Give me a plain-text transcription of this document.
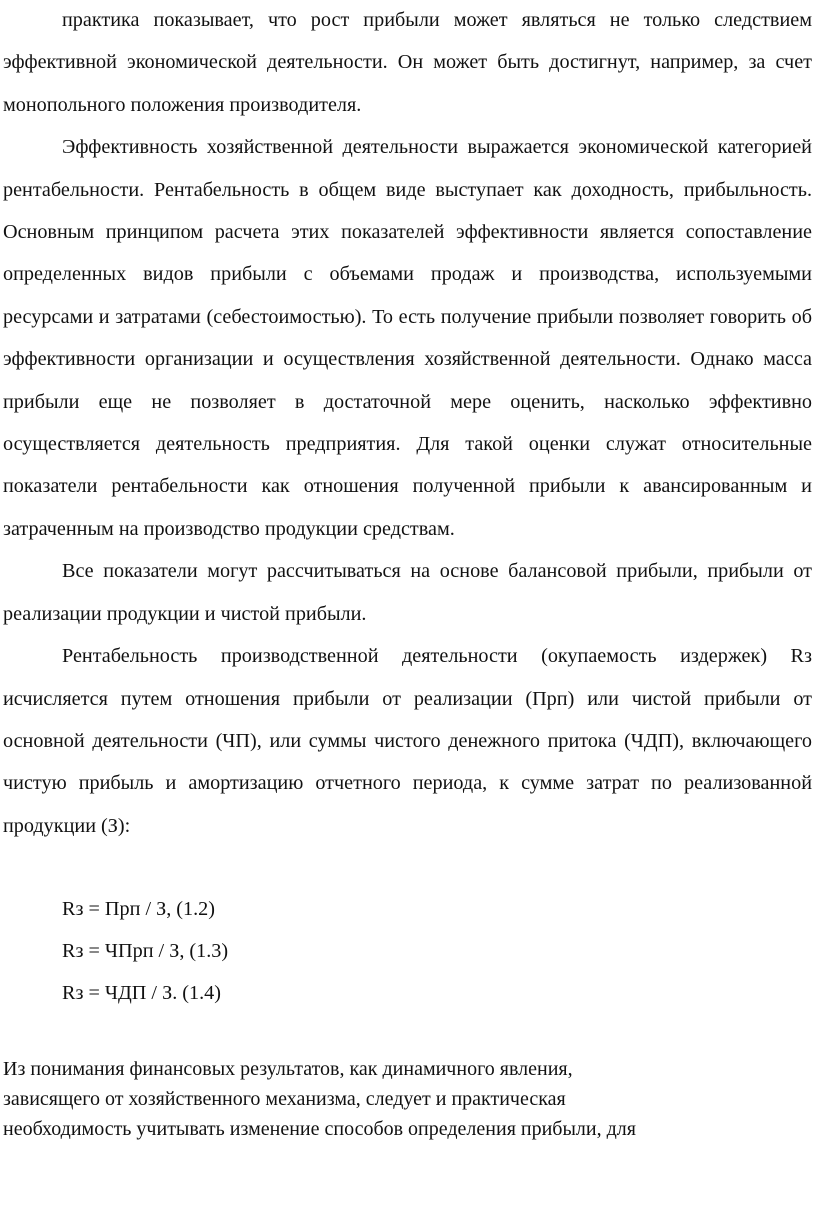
практика показывает, что рост прибыли может являться не только следствием эффективной экономической деятельности. Он может быть достигнут, например, за счет монопольного положения производителя.

Эффективность хозяйственной деятельности выражается экономической категорией рентабельности. Рентабельность в общем виде выступает как доходность, прибыльность. Основным принципом расчета этих показателей эффективности является сопоставление определенных видов прибыли с объемами продаж и производства, используемыми ресурсами и затратами (себестоимостью). То есть получение прибыли позволяет говорить об эффективности организации и осуществления хозяйственной деятельности. Однако масса прибыли еще не позволяет в достаточной мере оценить, насколько эффективно осуществляется деятельность предприятия. Для такой оценки служат относительные показатели рентабельности как отношения полученной прибыли к авансированным и затраченным на производство продукции средствам.

Все показатели могут рассчитываться на основе балансовой прибыли, прибыли от реализации продукции и чистой прибыли.

Рентабельность производственной деятельности (окупаемость издержек) Rз исчисляется путем отношения прибыли от реализации (Прп) или чистой прибыли от основной деятельности (ЧП), или суммы чистого денежного притока (ЧДП), включающего чистую прибыль и амортизацию отчетного периода, к сумме затрат по реализованной продукции (З):

Rз = Прп / З, (1.2)

Rз = ЧПрп / З, (1.3)

Rз = ЧДП / З. (1.4)

Из понимания финансовых результатов, как динамичного явления,

зависящего от хозяйственного механизма, следует и практическая

необходимость учитывать изменение способов определения прибыли, для
